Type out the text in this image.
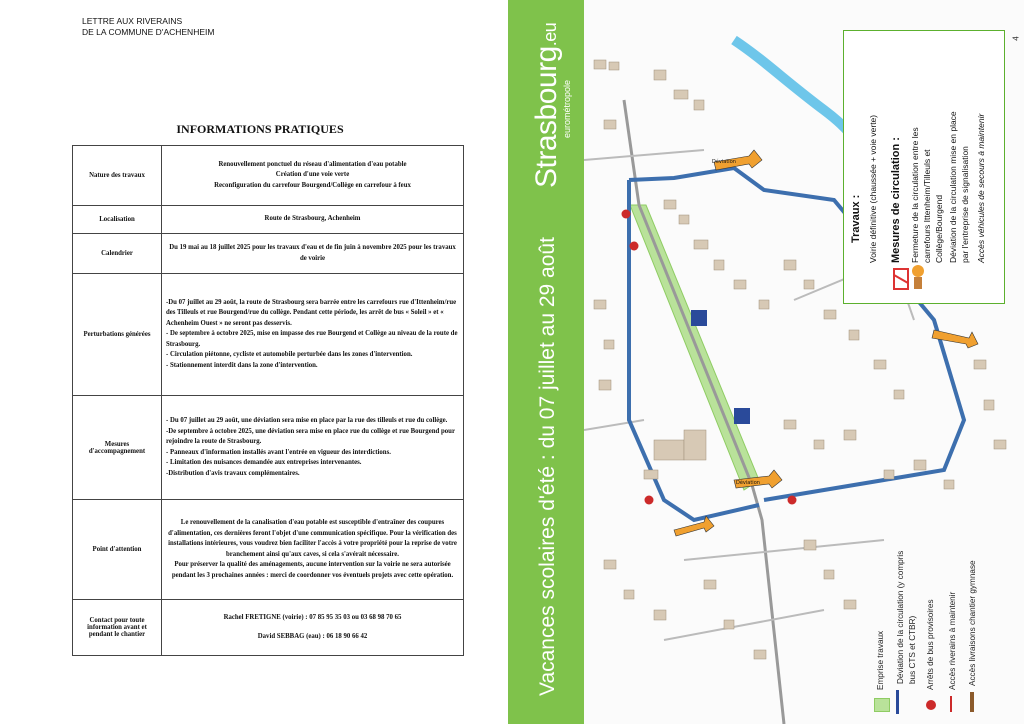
LETTRE AUX RIVERAINS
DE LA COMMUNE D'ACHENHEIM
INFORMATIONS PRATIQUES
Nature des travaux	Renouvellement ponctuel du réseau d'alimentation d'eau potable
Création d'une voie verte
Reconfiguration du carrefour Bourgend/Collège en carrefour à feux

Localisation	Route de Strasbourg, Achenheim
Calendrier	Du 19 mai au 18 juillet 2025 pour les travaux d'eau et de fin juin à novembre 2025 pour les travaux de voirie
Perturbations générées	-Du 07 juillet au 29 août, la route de Strasbourg sera barrée entre les carrefours rue d'Ittenheim/rue des Tilleuls et rue Bourgend/rue du collège. Pendant cette période, les arrêt de bus « Soleil » et « Achenheim Ouest » ne seront pas desservis.
- De septembre à octobre 2025, mise en impasse des rue Bourgend et Collège au niveau de la route de Strasbourg.
- Circulation piétonne, cycliste et automobile perturbée dans les zones d'intervention.
- Stationnement interdit dans la zone d'intervention.

Mesures d'accompagnement	- Du 07 juillet au 29 août, une déviation sera mise en place par la rue des tilleuls et rue du collège.
-De septembre à octobre 2025, une déviation sera mise en place rue du collège et rue Bourgend pour rejoindre la route de Strasbourg.
- Panneaux d'information installés avant l'entrée en vigueur des interdictions.
- Limitation des nuisances demandée aux entreprises intervenantes.
-Distribution d'avis travaux complémentaires.

Point d'attention	Le renouvellement de la canalisation d'eau potable est susceptible d'entraîner des coupures d'alimentation, ces dernières feront l'objet d'une communication spécifique. Pour la vérification des installations intérieures, vous voudrez bien faciliter l'accès à votre propriété pour la reprise de votre branchement ainsi qu'aux caves, si cela s'avérait nécessaire.
Pour préserver la qualité des aménagements, aucune intervention sur la voirie ne sera autorisée pendant les 3 prochaines années : merci de coordonner vos éventuels projets avec cette opération.

Contact pour toute information avant et pendant le chantier	Rachel FRETIGNE (voirie) : 07 85 95 35 03 ou 03 68 98 70 65
David SEBBAG (eau) : 06 18 90 66 42
Strasbourg.eu
eurométropole
Vacances scolaires d'été : du 07 juillet au 29 août
Déviation
Déviation
4
Travaux : Voirie définitive (chaussée + voie verte) Mesures de circulation : Fermeture de la circulation entre les carrefours Ittenheim/Tilleuls et Collège/Bourgend Déviation de la circulation mise en place par l'entreprise de signalisation Accès véhicules de secours à maintenir
Emprise travaux Déviation de la circulation (y compris bus CTS et CTBR) Arrêts de bus provisoires Accès riverains à maintenir Accès livraisons chantier gymnase
